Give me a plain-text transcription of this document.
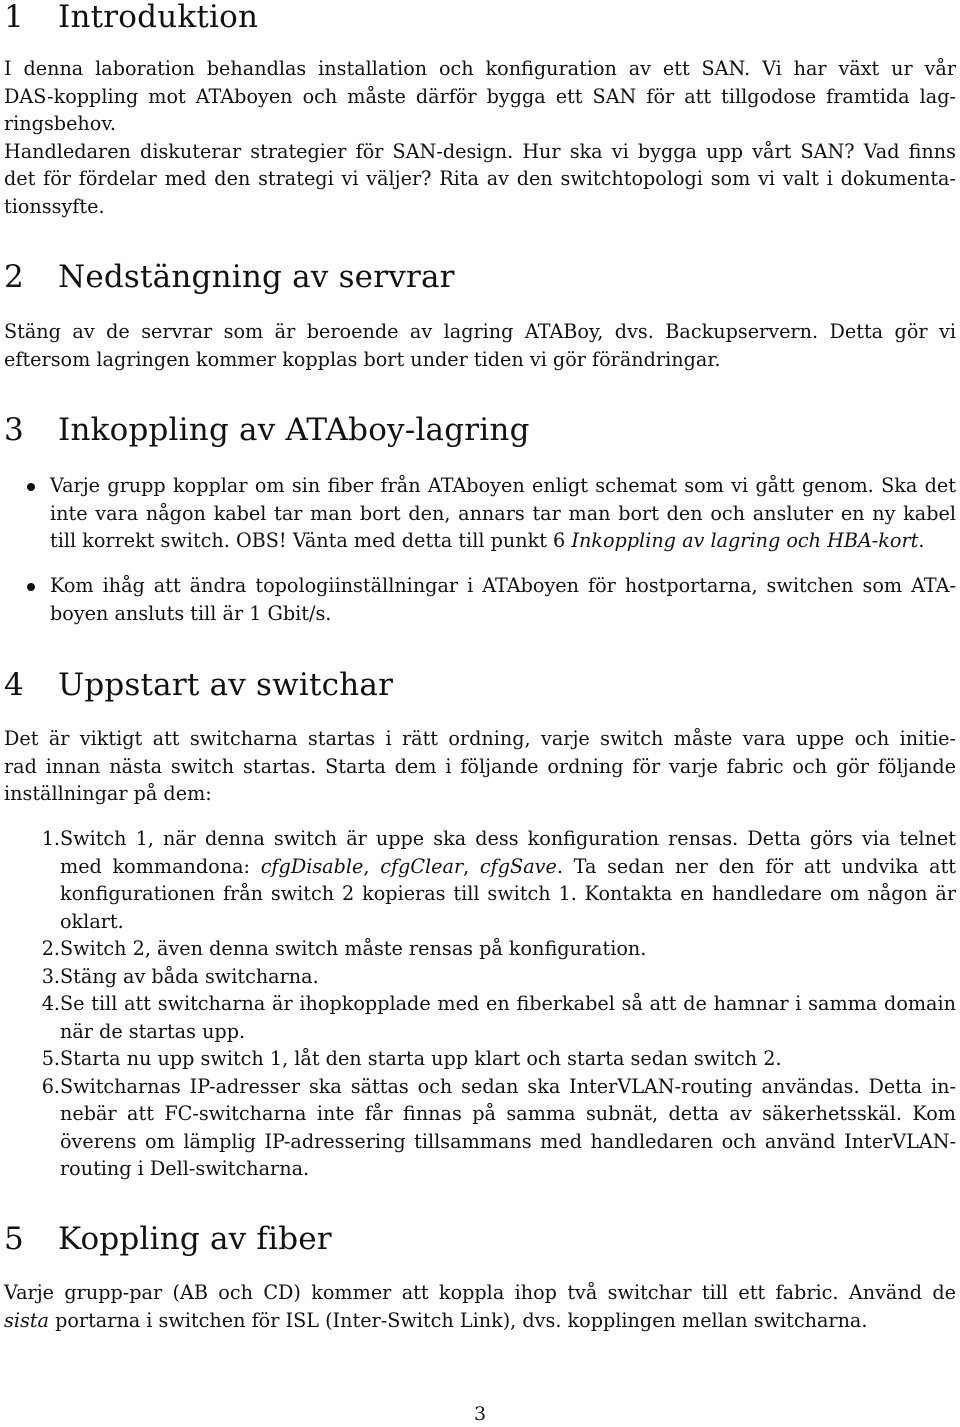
1	Introduktion
I denna laboration behandlas installation och konfiguration av ett SAN. Vi har växt ur vår
DAS-koppling mot ATAboyen och måste därför bygga ett SAN för att tillgodose framtida lag-
ringsbehov.
Handledaren diskuterar strategier för SAN-design. Hur ska vi bygga upp vårt SAN? Vad finns
det för fördelar med den strategi vi väljer? Rita av den switchtopologi som vi valt i dokumenta-
tionssyfte.
2	Nedstängning av servrar
Stäng av de servrar som är beroende av lagring ATABoy, dvs. Backupservern. Detta gör vi
eftersom lagringen kommer kopplas bort under tiden vi gör förändringar.
3	Inkoppling av ATAboy-lagring
Varje grupp kopplar om sin fiber från ATAboyen enligt schemat som vi gått genom. Ska det
inte vara någon kabel tar man bort den, annars tar man bort den och ansluter en ny kabel
till korrekt switch. OBS! Vänta med detta till punkt 6 Inkoppling av lagring och HBA-kort.
Kom ihåg att ändra topologiinställningar i ATAboyen för hostportarna, switchen som ATA-
boyen ansluts till är 1 Gbit/s.
4	Uppstart av switchar
Det är viktigt att switcharna startas i rätt ordning, varje switch måste vara uppe och initie-
rad innan nästa switch startas. Starta dem i följande ordning för varje fabric och gör följande
inställningar på dem:
1. Switch 1, när denna switch är uppe ska dess konfiguration rensas. Detta görs via telnet
med kommandona: cfgDisable, cfgClear, cfgSave. Ta sedan ner den för att undvika att
konfigurationen från switch 2 kopieras till switch 1. Kontakta en handledare om någon är
oklart.
2. Switch 2, även denna switch måste rensas på konfiguration.
3. Stäng av båda switcharna.
4. Se till att switcharna är ihopkopplade med en fiberkabel så att de hamnar i samma domain
när de startas upp.
5. Starta nu upp switch 1, låt den starta upp klart och starta sedan switch 2.
6. Switcharnas IP-adresser ska sättas och sedan ska InterVLAN-routing användas. Detta in-
nebär att FC-switcharna inte får finnas på samma subnät, detta av säkerhetsskäl. Kom
överens om lämplig IP-adressering tillsammans med handledaren och använd InterVLAN-
routing i Dell-switcharna.
5	Koppling av fiber
Varje grupp-par (AB och CD) kommer att koppla ihop två switchar till ett fabric. Använd de
sista portarna i switchen för ISL (Inter-Switch Link), dvs. kopplingen mellan switcharna.
3
